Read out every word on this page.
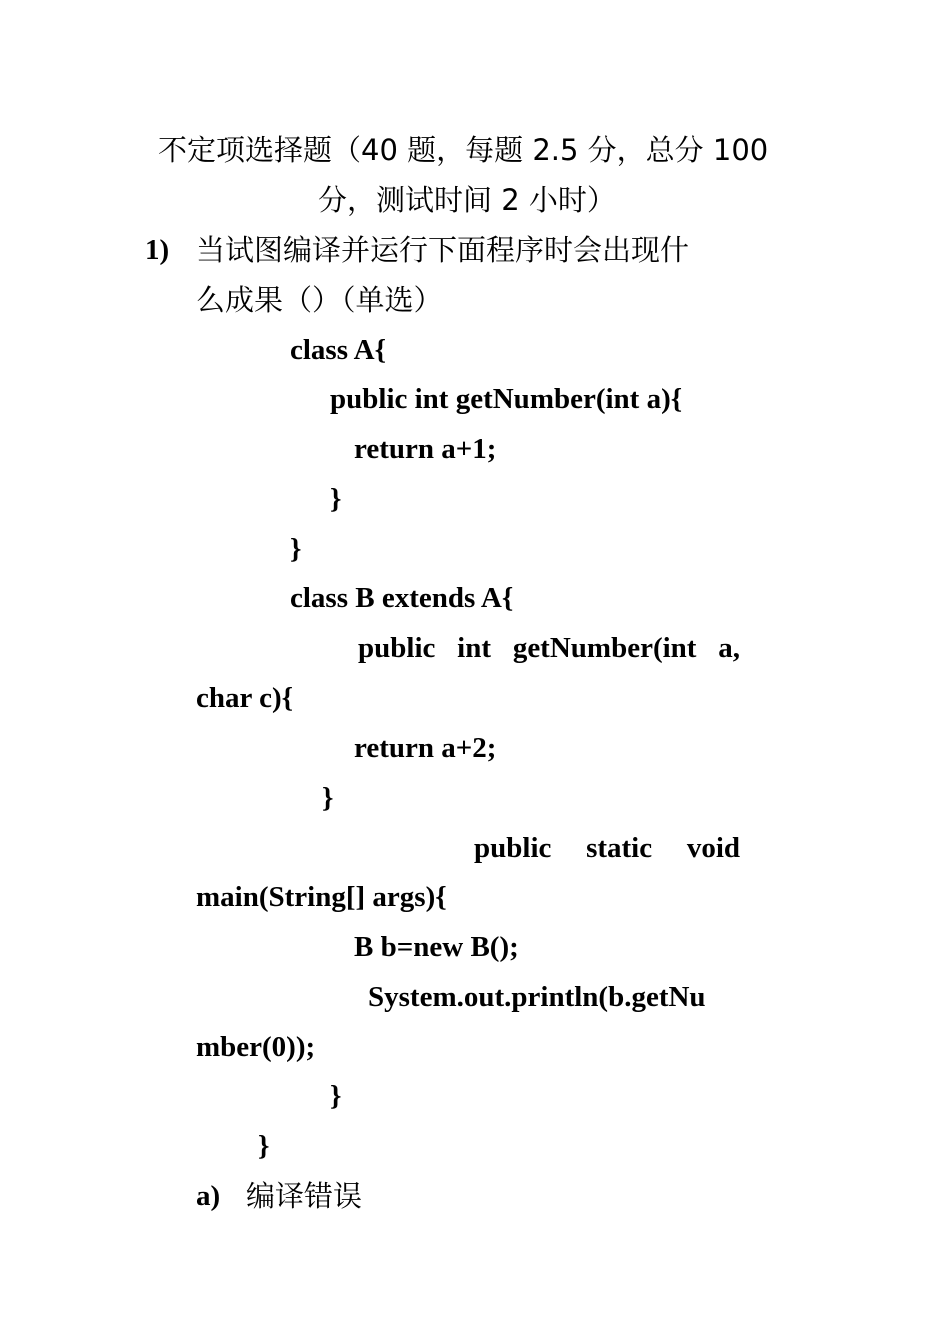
不定项选择题（40 题，每题 2.5 分，总分 100
分，测试时间 2 小时）
1) 当试图编译并运行下面程序时会出现什
么成果（）（单选）
class A{
public int getNumber(int a){
return a+1;
}
}
class B extends A{
public int getNumber(int a,
char c){
return a+2;
}
public static void
main(String[] args){
B b=new B();
System.out.println(b.getNu
mber(0));
}
}
a) 编译错误
